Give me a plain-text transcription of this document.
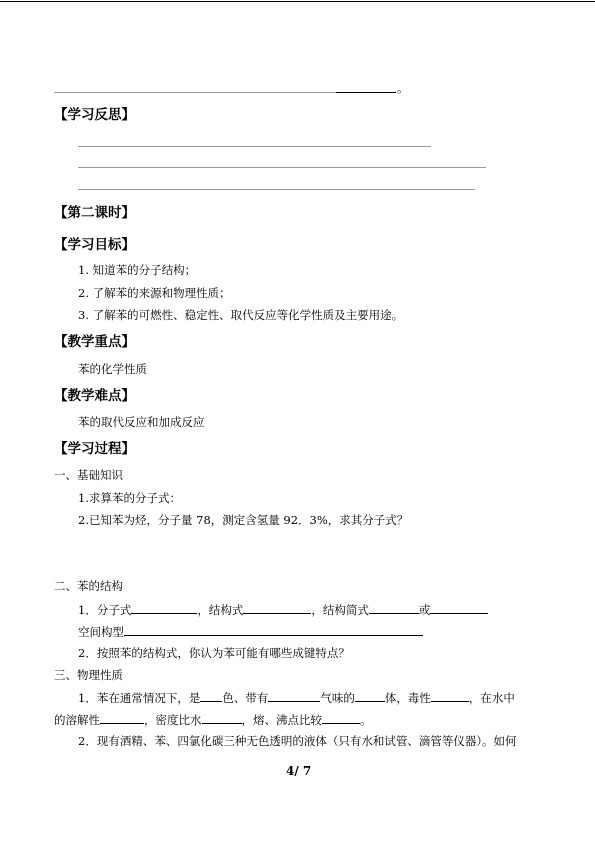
。
【学习反思】
【第二课时】
【学习目标】
1. 知道苯的分子结构；
2. 了解苯的来源和物理性质；
3. 了解苯的可燃性、稳定性、取代反应等化学性质及主要用途。
【教学重点】
苯的化学性质
【教学难点】
苯的取代反应和加成反应
【学习过程】
一、基础知识
1.求算苯的分子式：
2.已知苯为烃，分子量 78，测定含氢量 92．3%，求其分子式？
二、苯的结构
1．分子式	，结构式	，结构简式	或
空间构型
2．按照苯的结构式，你认为苯可能有哪些成键特点？
三、物理性质
1．苯在通常情况下，是 色、带有	气味的	体，毒性	，在水中
的溶解性	，密度比水	，熔、沸点比较	。
2．现有酒精、苯、四氯化碳三种无色透明的液体（只有水和试管、滴管等仪器）。如何
4/ 7
